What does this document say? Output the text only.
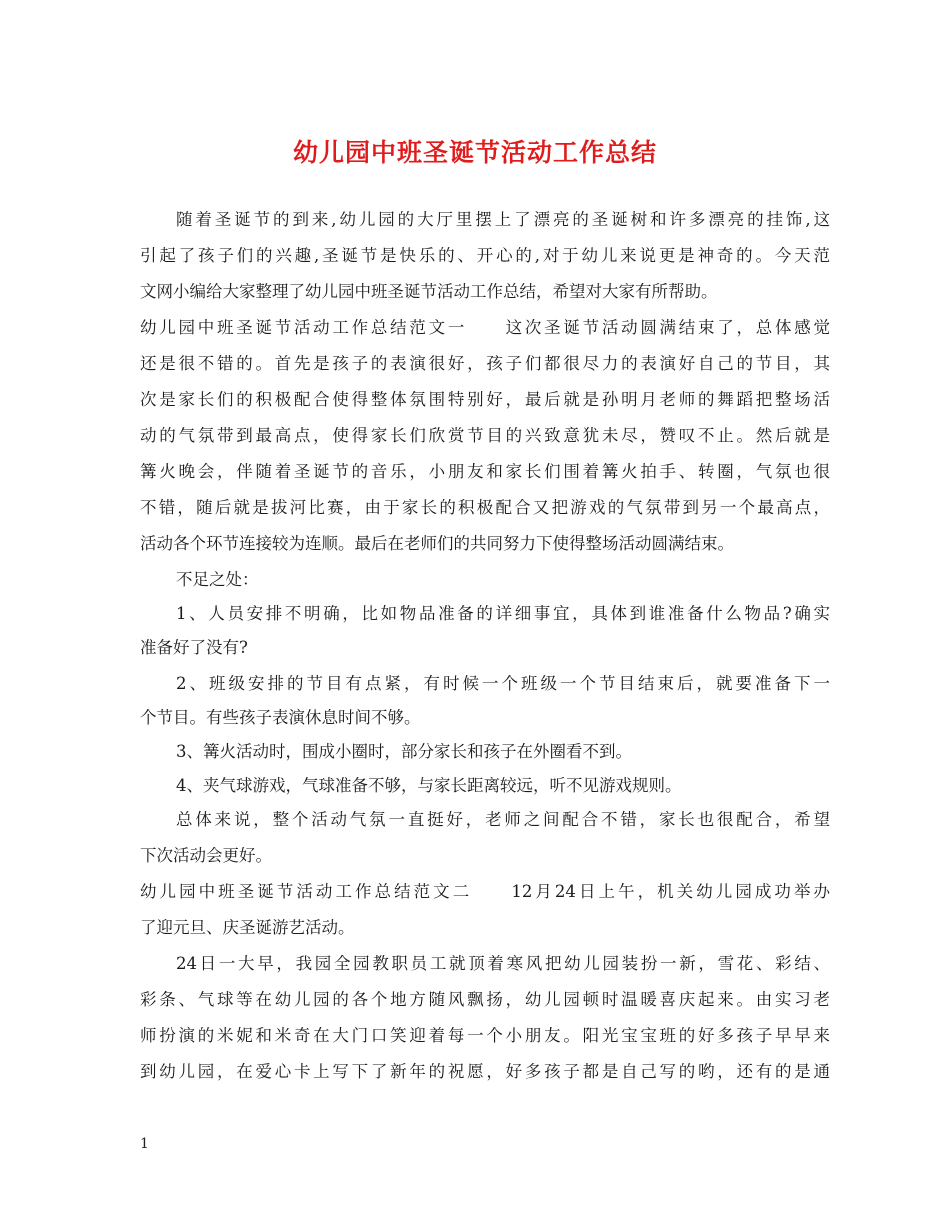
幼儿园中班圣诞节活动工作总结
随着圣诞节的到来,幼儿园的大厅里摆上了漂亮的圣诞树和许多漂亮的挂饰,这
引起了孩子们的兴趣,圣诞节是快乐的、开心的,对于幼儿来说更是神奇的。今天范
文网小编给大家整理了幼儿园中班圣诞节活动工作总结，希望对大家有所帮助。
幼儿园中班圣诞节活动工作总结范文一　　这次圣诞节活动圆满结束了，总体感觉
还是很不错的。首先是孩子的表演很好，孩子们都很尽力的表演好自己的节目，其
次是家长们的积极配合使得整体氛围特别好，最后就是孙明月老师的舞蹈把整场活
动的气氛带到最高点，使得家长们欣赏节目的兴致意犹未尽，赞叹不止。然后就是
篝火晚会，伴随着圣诞节的音乐，小朋友和家长们围着篝火拍手、转圈，气氛也很
不错，随后就是拔河比赛，由于家长的积极配合又把游戏的气氛带到另一个最高点，
活动各个环节连接较为连顺。最后在老师们的共同努力下使得整场活动圆满结束。
不足之处：
1、人员安排不明确，比如物品准备的详细事宜，具体到谁准备什么物品?确实
准备好了没有?
2、班级安排的节目有点紧，有时候一个班级一个节目结束后，就要准备下一
个节目。有些孩子表演休息时间不够。
3、篝火活动时，围成小圈时，部分家长和孩子在外圈看不到。
4、夹气球游戏，气球准备不够，与家长距离较远，听不见游戏规则。
总体来说，整个活动气氛一直挺好，老师之间配合不错，家长也很配合，希望
下次活动会更好。
幼儿园中班圣诞节活动工作总结范文二　　12月24日上午，机关幼儿园成功举办
了迎元旦、庆圣诞游艺活动。
24日一大早，我园全园教职员工就顶着寒风把幼儿园装扮一新，雪花、彩结、
彩条、气球等在幼儿园的各个地方随风飘扬，幼儿园顿时温暖喜庆起来。由实习老
师扮演的米妮和米奇在大门口笑迎着每一个小朋友。阳光宝宝班的好多孩子早早来
到幼儿园，在爱心卡上写下了新年的祝愿，好多孩子都是自己写的哟，还有的是通
1
